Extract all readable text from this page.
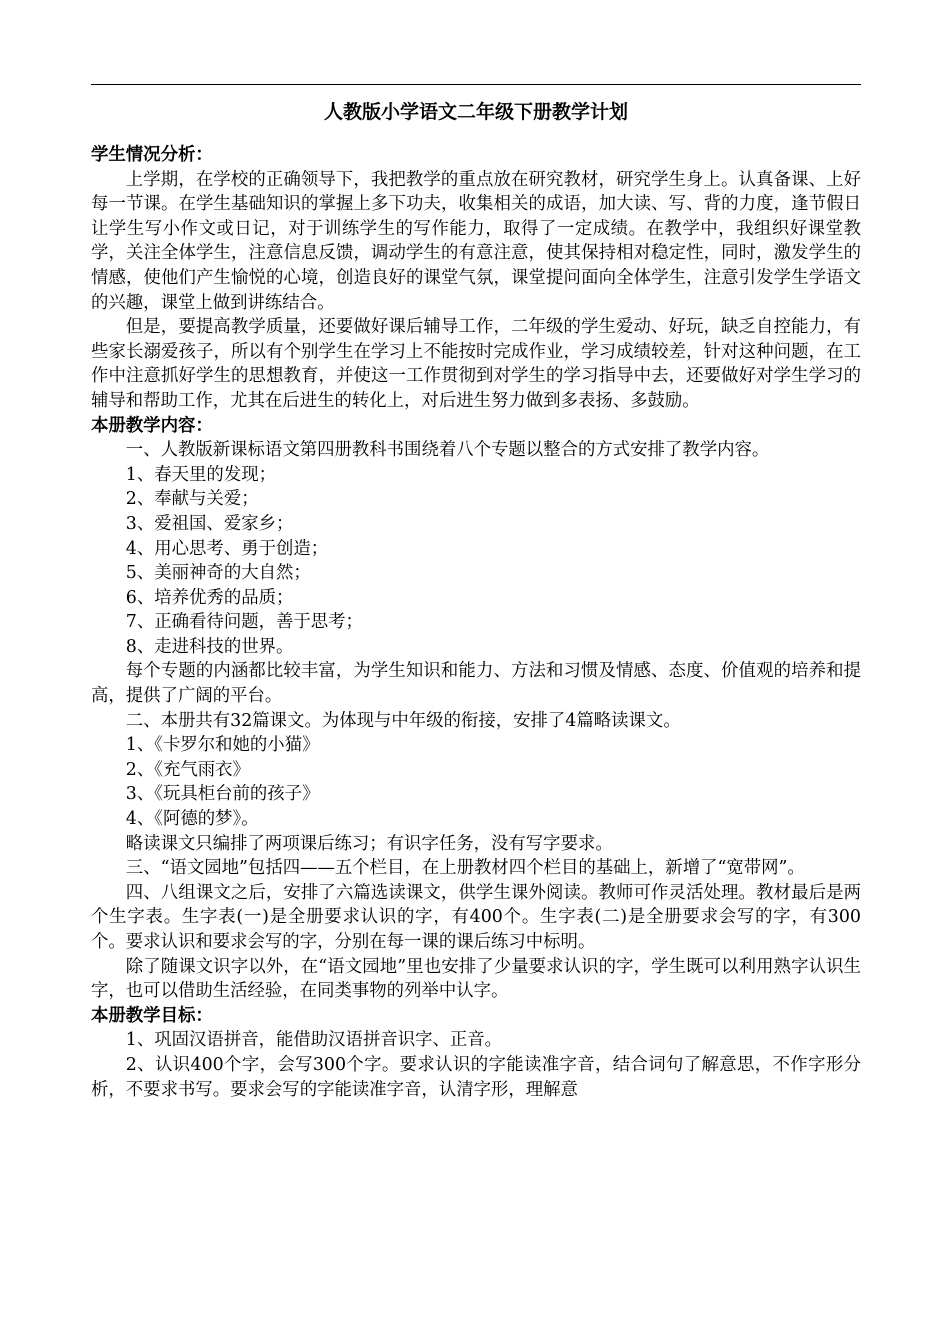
人教版小学语文二年级下册教学计划
学生情况分析：

上学期，在学校的正确领导下，我把教学的重点放在研究教材，研究学生身上。认真备课、上好每一节课。在学生基础知识的掌握上多下功夫，收集相关的成语，加大读、写、背的力度，逢节假日让学生写小作文或日记，对于训练学生的写作能力，取得了一定成绩。在教学中，我组织好课堂教学，关注全体学生，注意信息反馈，调动学生的有意注意，使其保持相对稳定性，同时，激发学生的情感，使他们产生愉悦的心境，创造良好的课堂气氛，课堂提问面向全体学生，注意引发学生学语文的兴趣，课堂上做到讲练结合。

但是，要提高教学质量，还要做好课后辅导工作，二年级的学生爱动、好玩，缺乏自控能力，有些家长溺爱孩子，所以有个别学生在学习上不能按时完成作业，学习成绩较差，针对这种问题，在工作中注意抓好学生的思想教育，并使这一工作贯彻到对学生的学习指导中去，还要做好对学生学习的辅导和帮助工作，尤其在后进生的转化上，对后进生努力做到多表扬、多鼓励。

本册教学内容：

一、人教版新课标语文第四册教科书围绕着八个专题以整合的方式安排了教学内容。

1、春天里的发现；

2、奉献与关爱；

3、爱祖国、爱家乡；

4、用心思考、勇于创造；

5、美丽神奇的大自然；

6、培养优秀的品质；

7、正确看待问题，善于思考；

8、走进科技的世界。

每个专题的内涵都比较丰富，为学生知识和能力、方法和习惯及情感、态度、价值观的培养和提高，提供了广阔的平台。

二、本册共有32篇课文。为体现与中年级的衔接，安排了4篇略读课文。

1、《卡罗尔和她的小猫》

2、《充气雨衣》

3、《玩具柜台前的孩子》

4、《阿德的梦》。

略读课文只编排了两项课后练习；有识字任务，没有写字要求。

三、“语文园地”包括四——五个栏目，在上册教材四个栏目的基础上，新增了“宽带网”。

四、八组课文之后，安排了六篇选读课文，供学生课外阅读。教师可作灵活处理。教材最后是两个生字表。生字表(一)是全册要求认识的字，有400个。生字表(二)是全册要求会写的字，有300个。要求认识和要求会写的字，分别在每一课的课后练习中标明。

除了随课文识字以外，在“语文园地”里也安排了少量要求认识的字，学生既可以利用熟字认识生字，也可以借助生活经验，在同类事物的列举中认字。

本册教学目标：

1、巩固汉语拼音，能借助汉语拼音识字、正音。

2、认识400个字，会写300个字。要求认识的字能读准字音，结合词句了解意思，不作字形分析，不要求书写。要求会写的字能读准字音，认清字形，理解意
